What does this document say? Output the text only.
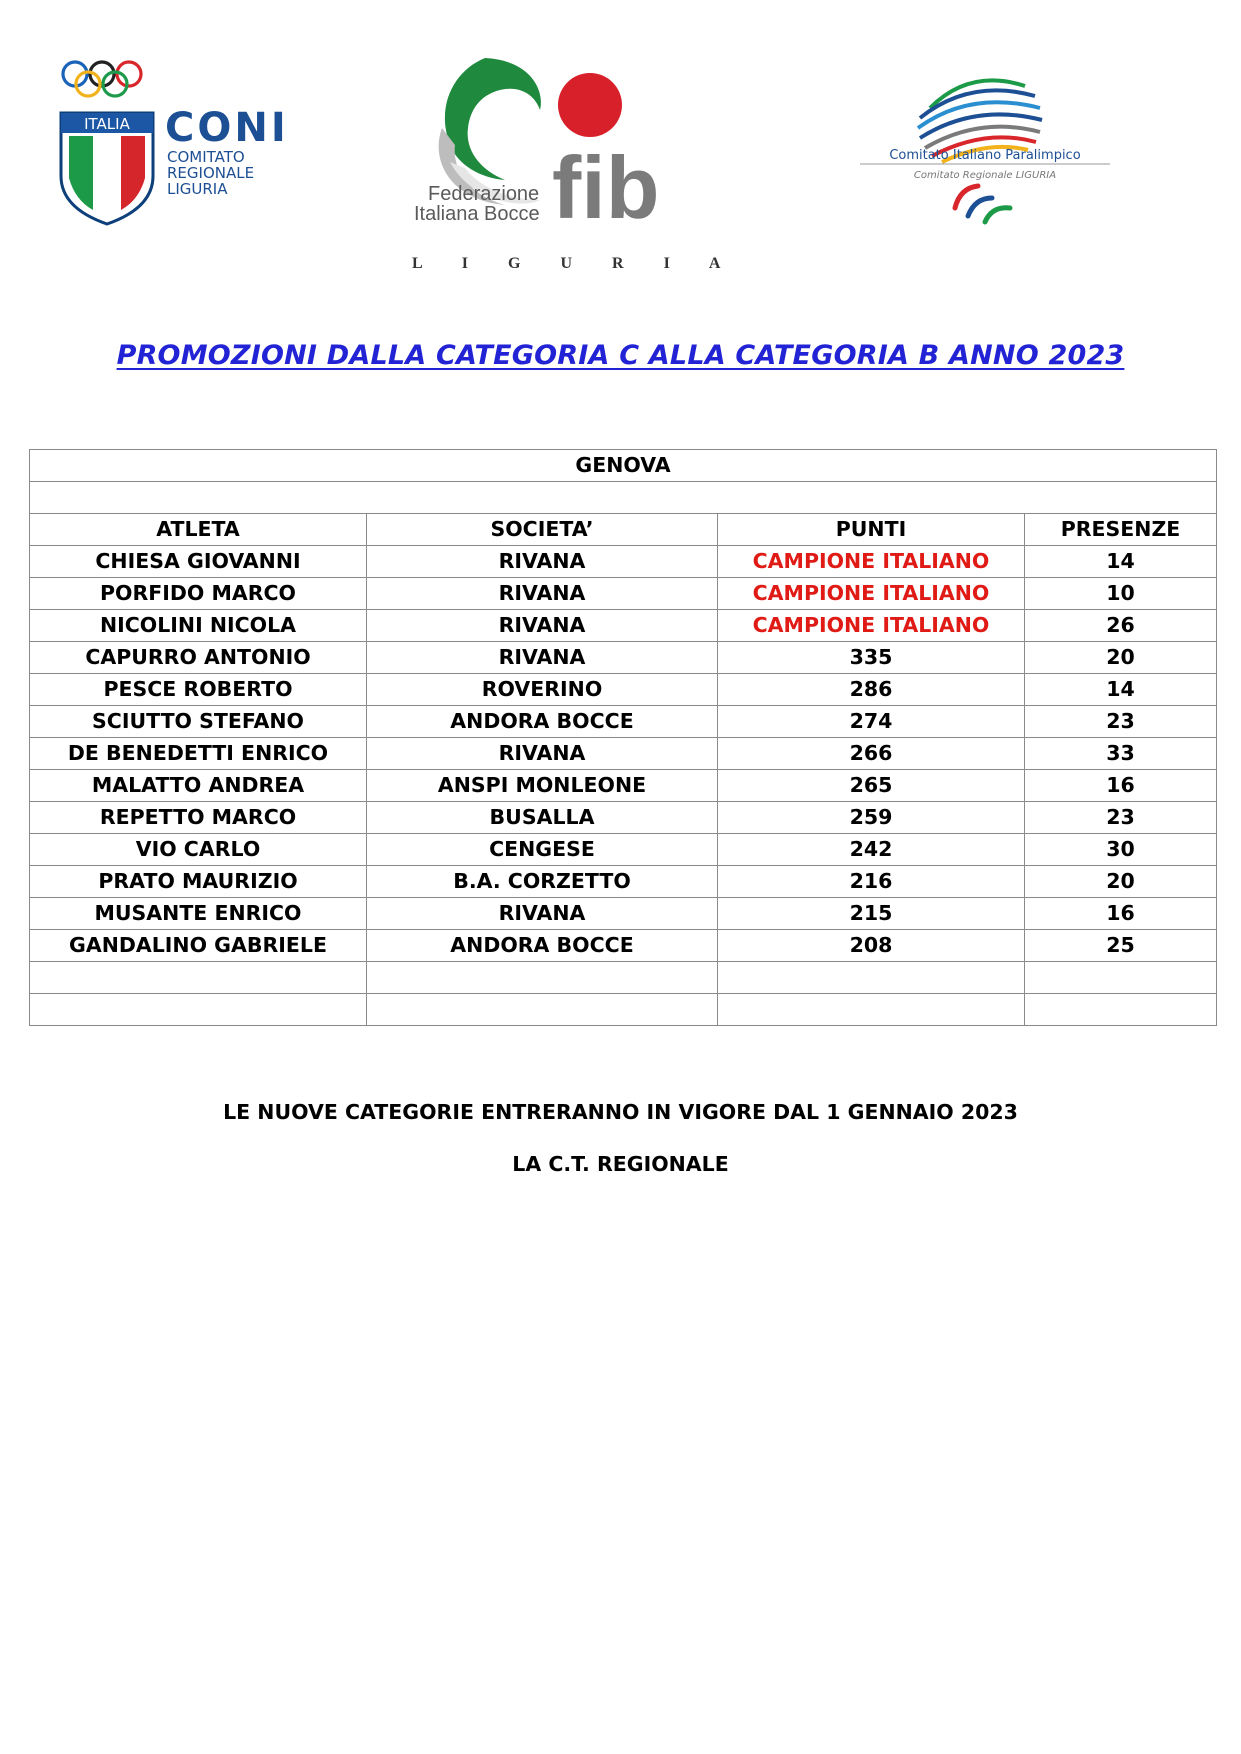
ITALIA CONI
COMITATO
REGIONALE
LIGURIA	fib
Federazione
Italiana Bocce
L I G U R I A
Comitato Italiano Paralimpico
Comitato Regionale LIGURIA
PROMOZIONI DALLA CATEGORIA C ALLA CATEGORIA B ANNO 2023
GENOVA			

ATLETA	SOCIETA’	PUNTI	PRESENZE
CHIESA GIOVANNI	RIVANA	CAMPIONE ITALIANO	14
PORFIDO MARCO	RIVANA	CAMPIONE ITALIANO	10
NICOLINI NICOLA	RIVANA	CAMPIONE ITALIANO	26
CAPURRO ANTONIO	RIVANA	335	20
PESCE ROBERTO	ROVERINO	286	14
SCIUTTO STEFANO	ANDORA BOCCE	274	23
DE BENEDETTI ENRICO	RIVANA	266	33
MALATTO ANDREA	ANSPI MONLEONE	265	16
REPETTO MARCO	BUSALLA	259	23
VIO CARLO	CENGESE	242	30
PRATO MAURIZIO	B.A. CORZETTO	216	20
MUSANTE ENRICO	RIVANA	215	16
GANDALINO GABRIELE	ANDORA BOCCE	208	25

LE NUOVE CATEGORIE ENTRERANNO IN VIGORE DAL 1 GENNAIO 2023
LA C.T. REGIONALE
